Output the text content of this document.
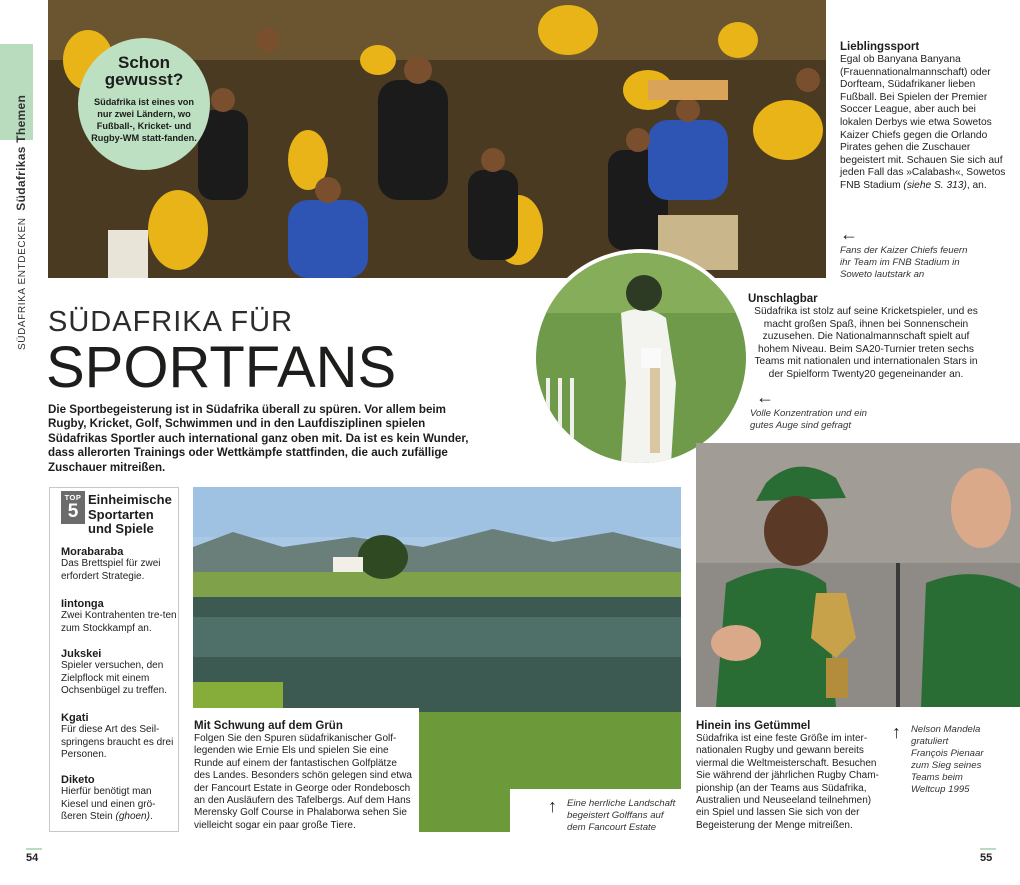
SÜDAFRIKA ENTDECKEN  Südafrikas Themen
Schon gewusst?

Südafrika ist eines von nur zwei Ländern, wo Fußball-, Kricket- und Rugby-WM statt-fanden.

Lieblingssport
Egal ob Banyana Banyana (Frauennationalmannschaft) oder Dorfteam, Südafrikaner lieben Fußball. Bei Spielen der Premier Soccer League, aber auch bei lokalen Derbys wie etwa Sowetos Kaizer Chiefs gegen die Orlando Pirates gehen die Zuschauer begeistert mit. Schauen Sie sich auf jeden Fall das »Calabash«, Sowetos FNB Stadium (siehe S. 313), an.
←
Fans der Kaizer Chiefs feuern ihr Team im FNB Stadium in Soweto lautstark an
Unschlagbar
Südafrika ist stolz auf seine Kricketspieler, und es macht großen Spaß, ihnen bei Sonnenschein zuzusehen. Die Nationalmannschaft spielt auf hohem Niveau. Beim SA20-Turnier treten sechs Teams mit nationalen und internationalen Stars in der Spielform Twenty20 gegeneinander an.
←
Volle Konzentration und ein gutes Auge sind gefragt
SÜDAFRIKA FÜR
SPORTFANS
Die Sportbegeisterung ist in Südafrika überall zu spüren. Vor allem beim Rugby, Kricket, Golf, Schwimmen und in den Laufdisziplinen spielen Südafrikas Sportler auch international ganz oben mit. Da ist es kein Wunder, dass allerorten Trainings oder Wettkämpfe stattfinden, die auch zufällige Zuschauer mitreißen.
TOP
5
Einheimische Sportarten und Spiele
Morabaraba
Das Brettspiel für zwei erfordert Strategie.
Iintonga
Zwei Kontrahenten tre-ten zum Stockkampf an.
Jukskei
Spieler versuchen, den Zielpflock mit einem Ochsenbügel zu treffen.
Kgati
Für diese Art des Seil-springens braucht es drei Personen.
Diketo
Hierfür benötigt man Kiesel und einen grö-ßeren Stein (ghoen).
Mit Schwung auf dem Grün
Folgen Sie den Spuren südafrikanischer Golf-legenden wie Ernie Els und spielen Sie eine Runde auf einem der fantastischen Golfplätze des Landes. Besonders schön gelegen sind etwa der Fancourt Estate in George oder Rondebosch an den Ausläufern des Tafelbergs. Auf dem Hans Merensky Golf Course in Phalaborwa sehen Sie vielleicht sogar ein paar große Tiere.
↑ Eine herrliche Landschaft begeistert Golffans auf dem Fancourt Estate
Hinein ins Getümmel
Südafrika ist eine feste Größe im inter-nationalen Rugby und gewann bereits viermal die Weltmeisterschaft. Besuchen Sie während der jährlichen Rugby Cham-pionship (an der Teams aus Südafrika, Australien und Neuseeland teilnehmen) ein Spiel und lassen Sie sich von der Begeisterung der Menge mitreißen.
↑ Nelson Mandela gratuliert François Pienaar zum Sieg seines Teams beim Weltcup 1995
54	55
